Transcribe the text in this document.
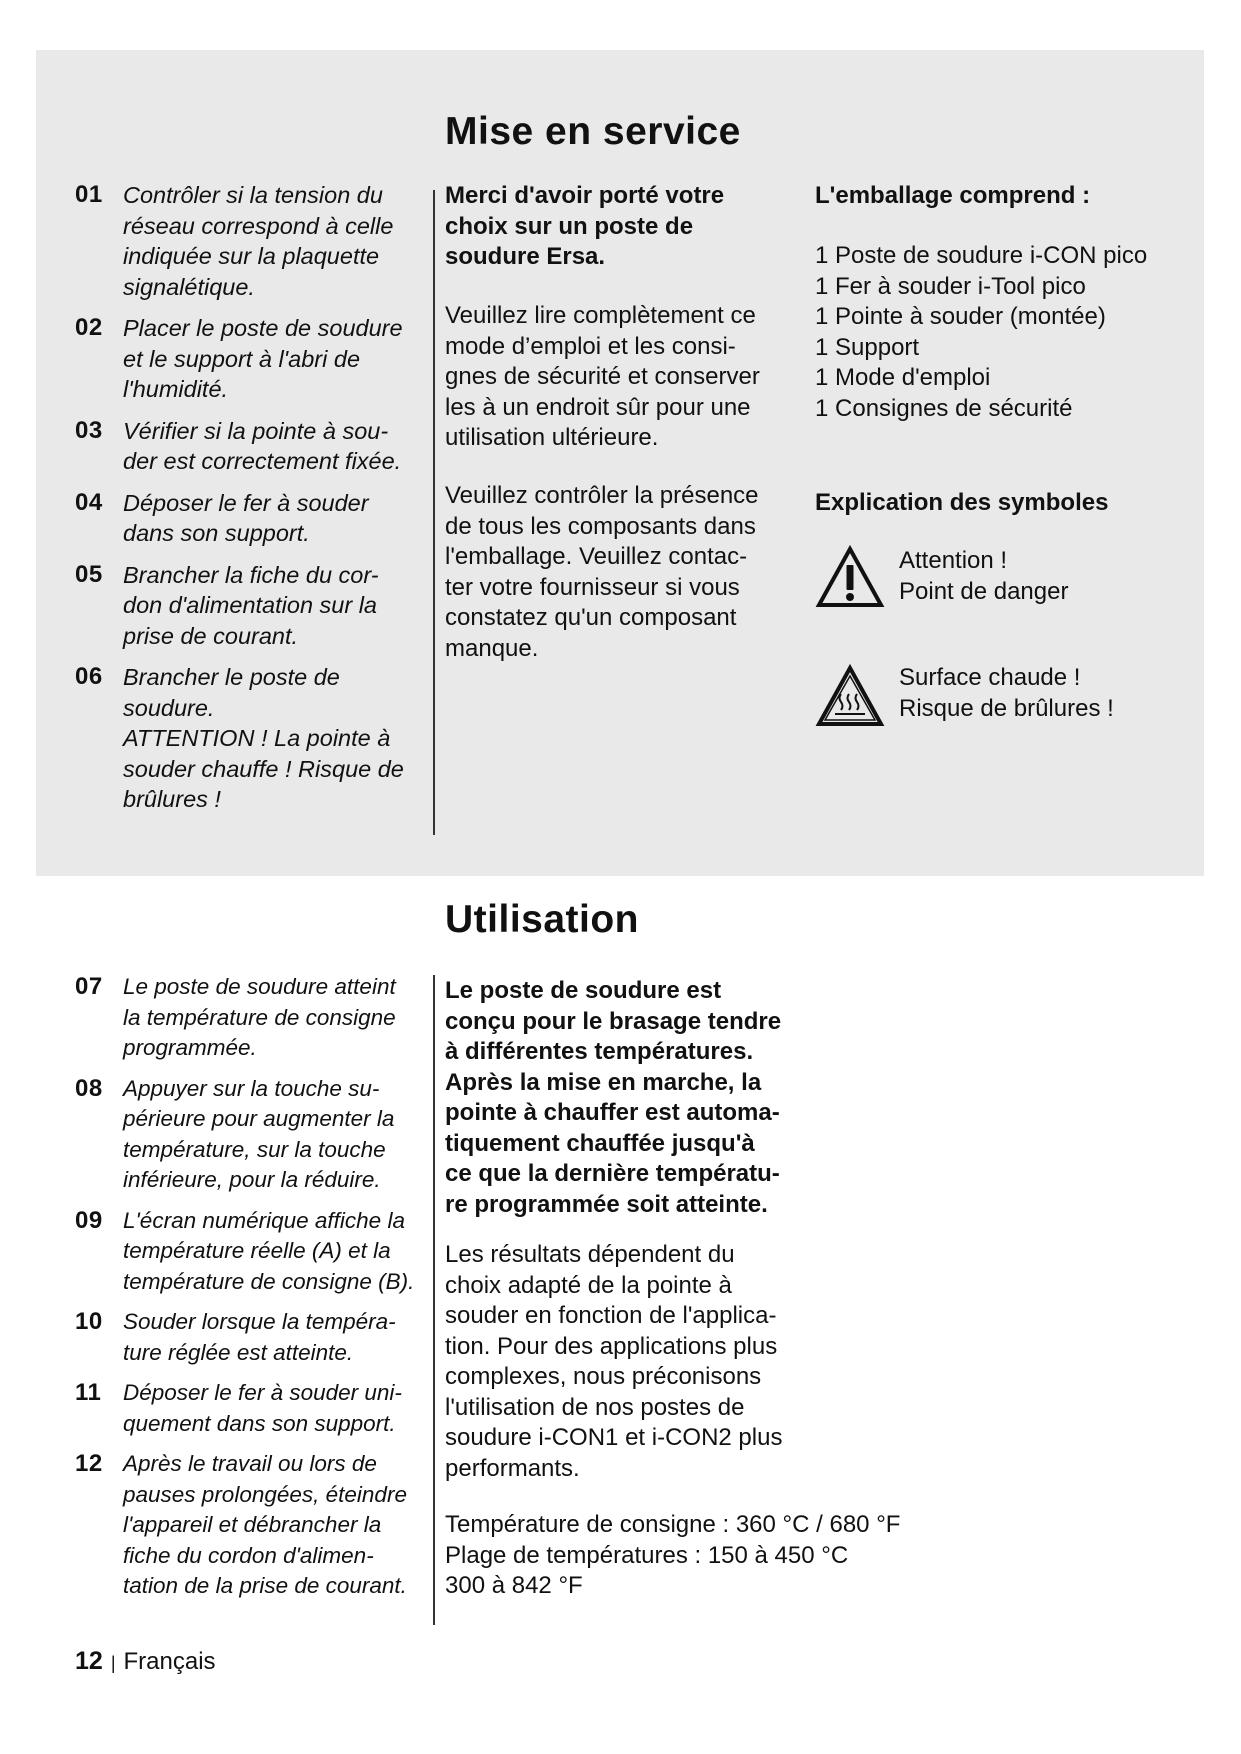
Mise en service
01 Contrôler si la tension du
réseau correspond à celle
indiquée sur la plaquette
signalétique.
02 Placer le poste de soudure
et le support à l'abri de
l'humidité.
03 Vérifier si la pointe à sou-
der est correctement fixée.
04 Déposer le fer à souder
dans son support.
05 Brancher la fiche du cor-
don d'alimentation sur la
prise de courant.
06 Brancher le poste de
soudure.
ATTENTION ! La pointe à
souder chauffe ! Risque de
brûlures !

Merci d'avoir porté votre
choix sur un poste de
soudure Ersa.

Veuillez lire complètement ce
mode d’emploi et les consi-
gnes de sécurité et conserver
les à un endroit sûr pour une
utilisation ultérieure.

Veuillez contrôler la présence
de tous les composants dans
l'emballage. Veuillez contac-
ter votre fournisseur si vous
constatez qu'un composant
manque.

L'emballage comprend :

1 Poste de soudure i-CON pico
1 Fer à souder i-Tool pico
1 Pointe à souder (montée)
1 Support
1 Mode d'emploi
1 Consignes de sécurité

Explication des symboles

Attention !
Point de danger
Surface chaude !
Risque de brûlures !
Utilisation
07 Le poste de soudure atteint
la température de consigne
programmée.
08 Appuyer sur la touche su-
périeure pour augmenter la
température, sur la touche
inférieure, pour la réduire.
09 L'écran numérique affiche la
température réelle (A) et la
température de consigne (B).
10 Souder lorsque la tempéra-
ture réglée est atteinte.
11 Déposer le fer à souder uni-
quement dans son support.
12 Après le travail ou lors de
pauses prolongées, éteindre
l'appareil et débrancher la
fiche du cordon d'alimen-
tation de la prise de courant.

Le poste de soudure est
conçu pour le brasage tendre
à différentes températures.
Après la mise en marche, la
pointe à chauffer est automa-
tiquement chauffée jusqu'à
ce que la dernière températu-
re programmée soit atteinte.

Les résultats dépendent du
choix adapté de la pointe à
souder en fonction de l'applica-
tion. Pour des applications plus
complexes, nous préconisons
l'utilisation de nos postes de
soudure i-CON1 et i-CON2 plus
performants.

Température de consigne : 360 °C / 680 °F

Plage de températures : 150 à 450 °C

300 à 842 °F

12 | Français
